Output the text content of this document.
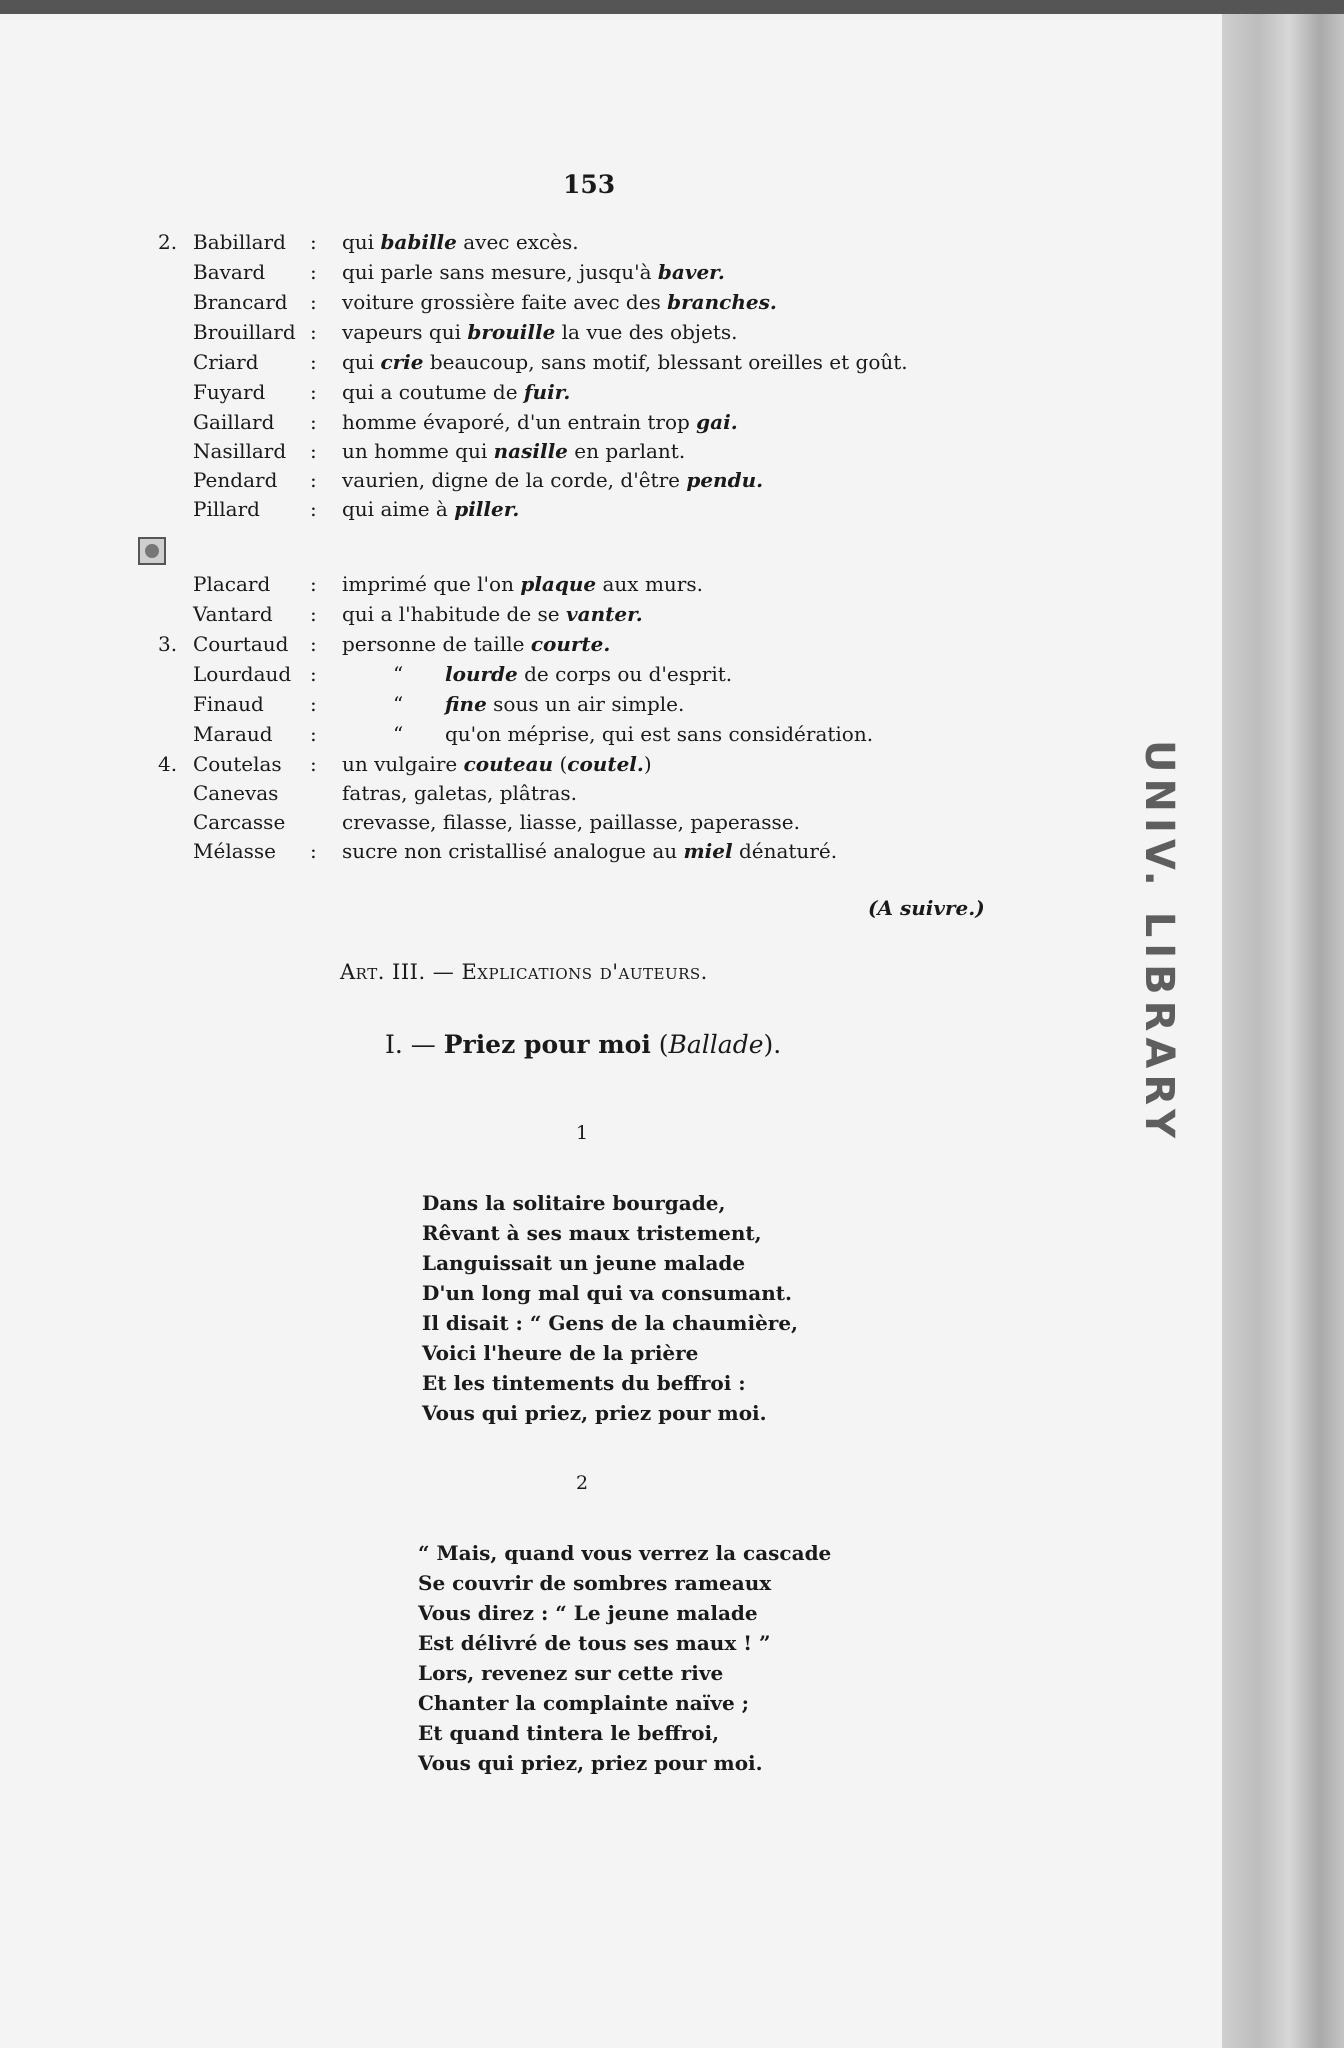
153
2. Babillard : qui babille avec excès.
Bavard : qui parle sans mesure, jusqu'à baver.
Brancard : voiture grossière faite avec des branches.
Brouillard : vapeurs qui brouille la vue des objets.
Criard	: qui crie beaucoup, sans motif, blessant oreilles et goût.
Fuyard : qui a coutume de fuir.
Gaillard : homme évaporé, d'un entrain trop gai.
Nasillard : un homme qui nasille en parlant.
Pendard : vaurien, digne de la corde, d'être pendu.
Pillard	: qui aime à piller.
Placard : imprimé que l'on plaque aux murs.
Vantard : qui a l'habitude de se vanter.
3. Courtaud : personne de taille courte.
Lourdaud :	“ lourde de corps ou d'esprit.
Finaud :	“ fine sous un air simple.
Maraud :	“ qu'on méprise, qui est sans considération.
4. Coutelas : un vulgaire couteau (coutel.)
Canevas	fatras, galetas, plâtras.
Carcasse	crevasse, filasse, liasse, paillasse, paperasse.
Mélasse : sucre non cristallisé analogue au miel dénaturé.
(A suivre.)
Art. III. — Explications d'auteurs.
I. — Priez pour moi (Ballade).
1
Dans la solitaire bourgade,
Rêvant à ses maux tristement,
Languissait un jeune malade
D'un long mal qui va consumant.
Il disait : “ Gens de la chaumière,
Voici l'heure de la prière
Et les tintements du beffroi :
Vous qui priez, priez pour moi.
2
“ Mais, quand vous verrez la cascade
Se couvrir de sombres rameaux
Vous direz : “ Le jeune malade
Est délivré de tous ses maux ! ”
Lors, revenez sur cette rive
Chanter la complainte naïve ;
Et quand tintera le beffroi,
Vous qui priez, priez pour moi.
